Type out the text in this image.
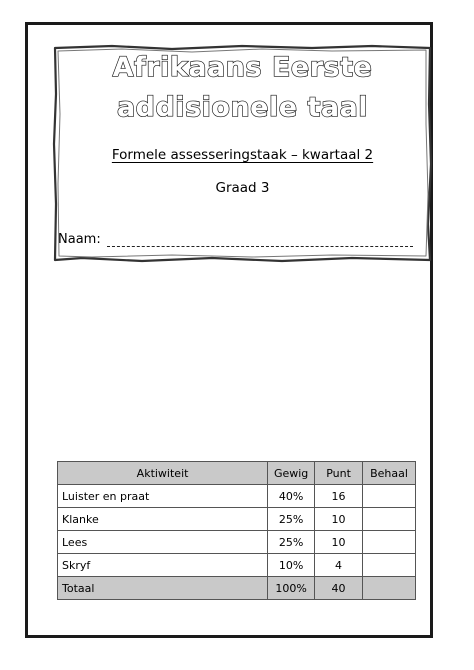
Afrikaans Eerste
addisionele taal
Formele assesseringstaak – kwartaal 2
Graad 3
Naam:
Aktiwiteit	Gewig	Punt	Behaal
Luister en praat	40%	16	
Klanke	25%	10	
Lees	25%	10	
Skryf	10%	4	
Totaal	100%	40	
